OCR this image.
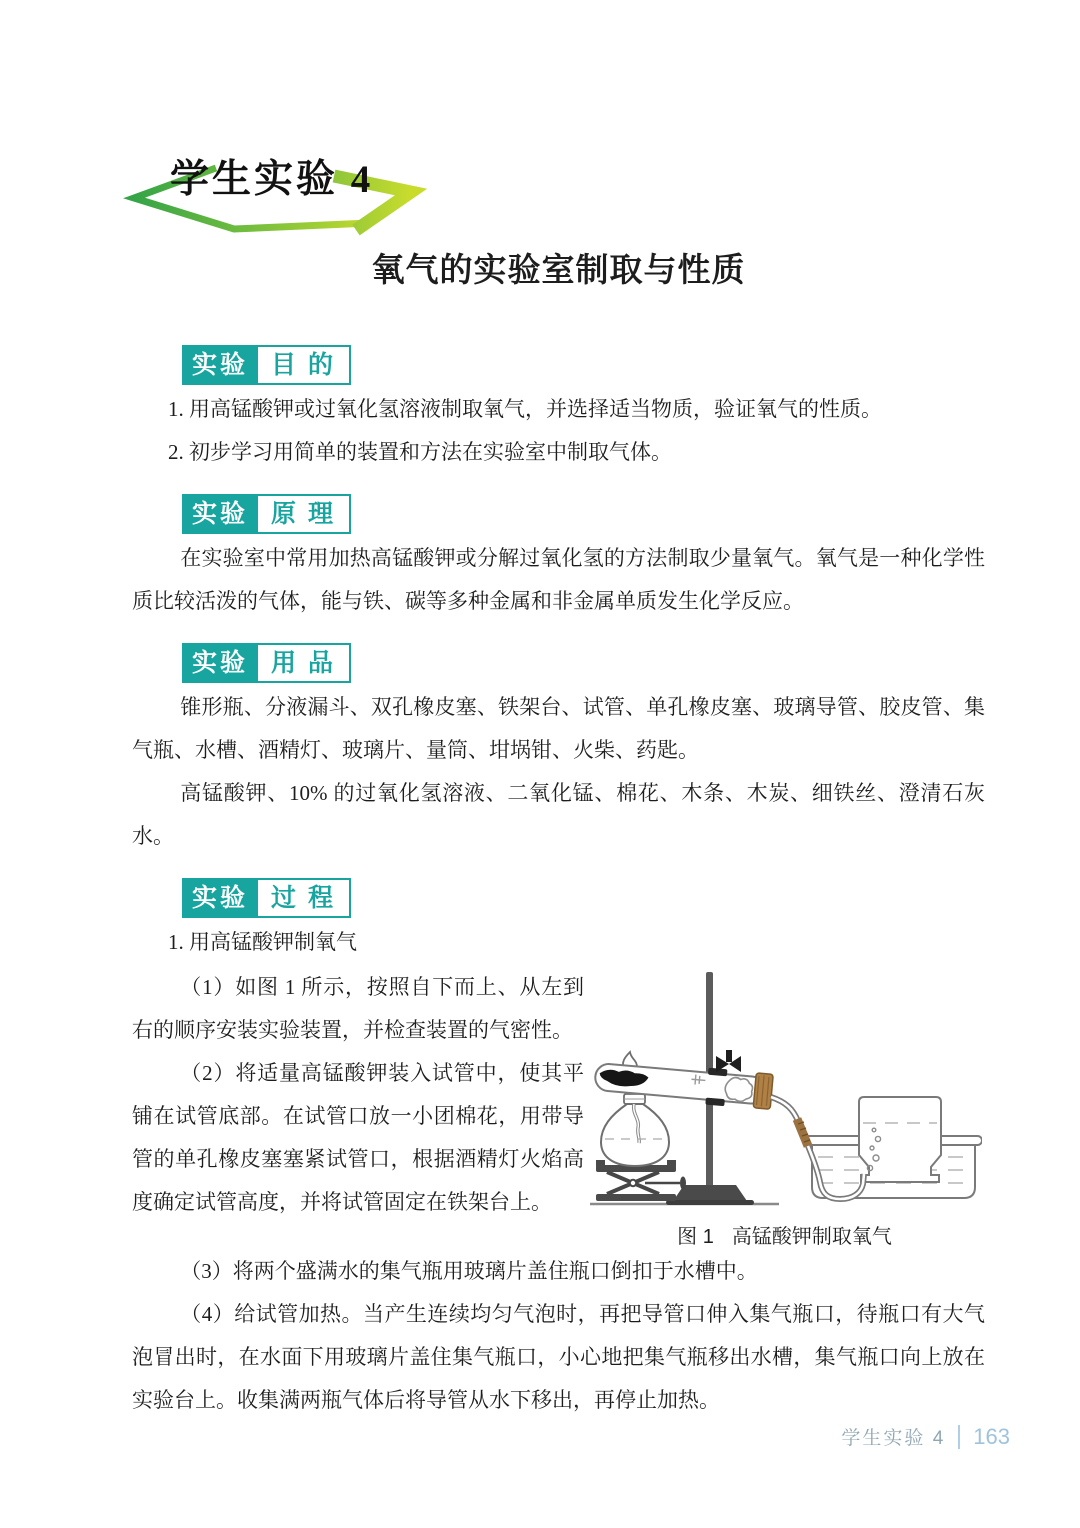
学生实验 4
氧气的实验室制取与性质
实验 目的
1. 用高锰酸钾或过氧化氢溶液制取氧气，并选择适当物质，验证氧气的性质。
2. 初步学习用简单的装置和方法在实验室中制取气体。
实验 原理
在实验室中常用加热高锰酸钾或分解过氧化氢的方法制取少量氧气。氧气是一种化学性质比较活泼的气体，能与铁、碳等多种金属和非金属单质发生化学反应。
实验 用品
锥形瓶、分液漏斗、双孔橡皮塞、铁架台、试管、单孔橡皮塞、玻璃导管、胶皮管、集气瓶、水槽、酒精灯、玻璃片、量筒、坩埚钳、火柴、药匙。
高锰酸钾、10% 的过氧化氢溶液、二氧化锰、棉花、木条、木炭、细铁丝、澄清石灰水。
实验 过程
1. 用高锰酸钾制氧气
（1）如图 1 所示，按照自下而上、从左到右的顺序安装实验装置，并检查装置的气密性。
（2）将适量高锰酸钾装入试管中，使其平铺在试管底部。在试管口放一小团棉花，用带导管的单孔橡皮塞塞紧试管口，根据酒精灯火焰高度确定试管高度，并将试管固定在铁架台上。
图 1 高锰酸钾制取氧气
（3）将两个盛满水的集气瓶用玻璃片盖住瓶口倒扣于水槽中。
（4）给试管加热。当产生连续均匀气泡时，再把导管口伸入集气瓶口，待瓶口有大气泡冒出时，在水面下用玻璃片盖住集气瓶口，小心地把集气瓶移出水槽，集气瓶口向上放在实验台上。收集满两瓶气体后将导管从水下移出，再停止加热。
学生实验 4 163
